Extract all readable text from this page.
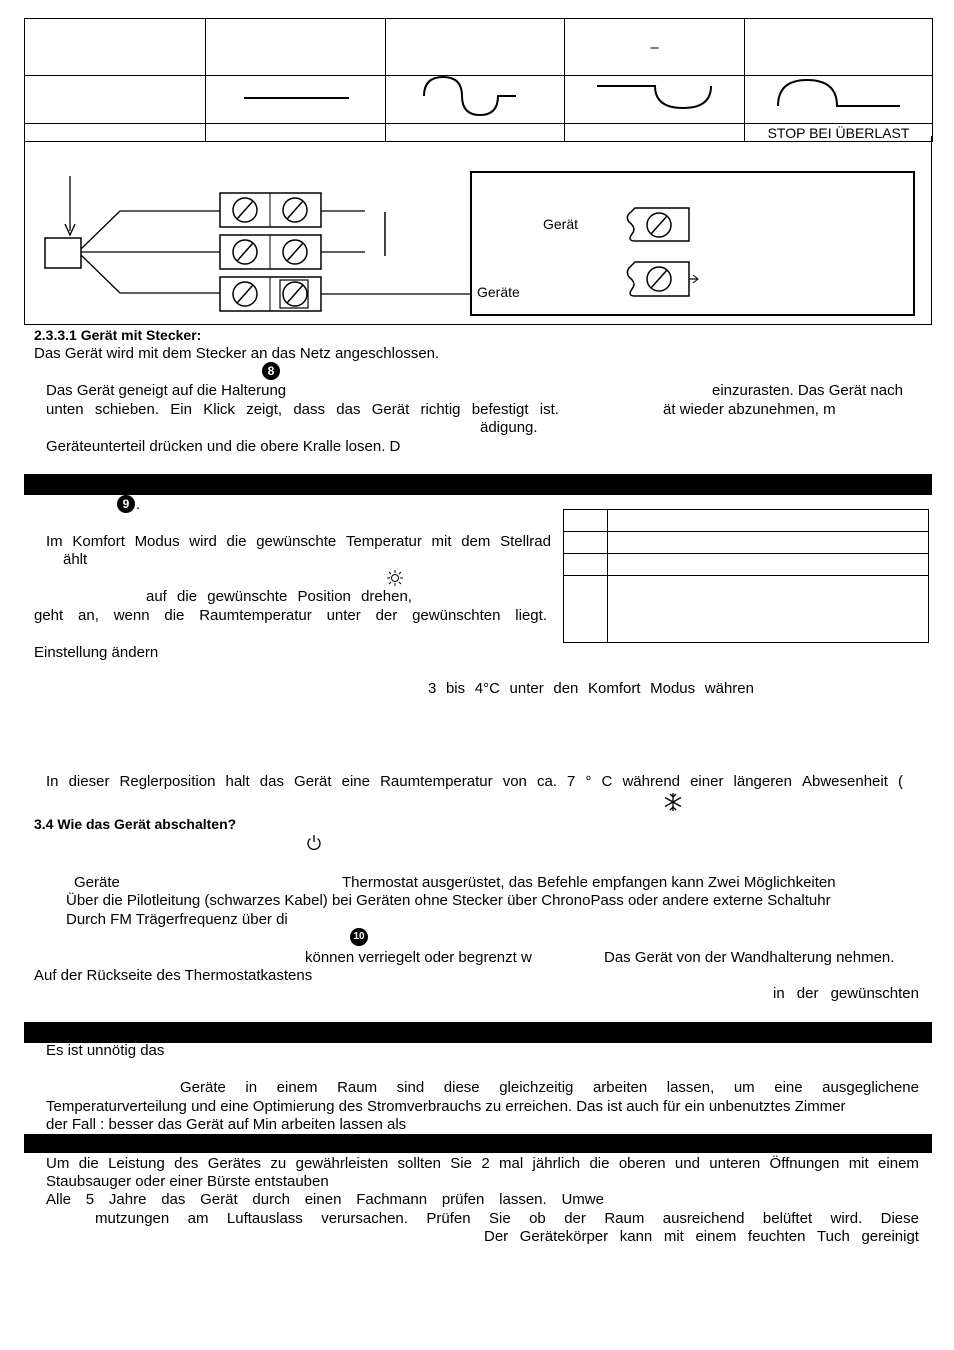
			–	

				STOP BEI ÜBERLAST
Gerät
Geräte
2.3.3.1 Gerät mit Stecker:
Das Gerät wird mit dem Stecker an das Netz angeschlossen.
8
Das Gerät geneigt auf die Halterung	einzurasten. Das Gerät nach
unten schieben. Ein Klick zeigt, dass das Gerät richtig befestigt ist.	ät wieder abzunehmen, m
ädigung.
Geräteunterteil drücken und die obere Kralle losen. D
9 .

Im Komfort Modus wird die gewünschte Temperatur mit dem Stellrad
ählt
auf die gewünschte Position drehen,
geht an, wenn die Raumtemperatur unter der gewünschten liegt.
Einstellung ändern
3 bis 4°C unter den Komfort Modus währen
In dieser Reglerposition halt das Gerät eine Raumtemperatur von ca. 7 ° C während einer längeren Abwesenheit (
3.4 Wie das Gerät abschalten?
Geräte	Thermostat ausgerüstet, das Befehle empfangen kann Zwei Möglichkeiten
Über die Pilotleitung (schwarzes Kabel) bei Geräten ohne Stecker über ChronoPass oder andere externe Schaltuhr
Durch FM Trägerfrequenz über di
10
können verriegelt oder begrenzt w	Das Gerät von der Wandhalterung nehmen.
Auf der Rückseite des Thermostatkastens
in der gewünschten
Es ist unnötig das
Geräte in einem Raum sind diese gleichzeitig arbeiten lassen, um eine ausgeglichene
Temperaturverteilung und eine Optimierung des Stromverbrauchs zu erreichen. Das ist auch für ein unbenutztes Zimmer
der Fall : besser das Gerät auf Min arbeiten lassen als
Um die Leistung des Gerätes zu gewährleisten sollten Sie 2 mal jährlich die oberen und unteren Öffnungen mit einem
Staubsauger oder einer Bürste entstauben
Alle 5 Jahre das Gerät durch einen Fachmann prüfen lassen. Umwe
mutzungen am Luftauslass verursachen. Prüfen Sie ob der Raum ausreichend belüftet wird. Diese
Der Gerätekörper kann mit einem feuchten Tuch gereinigt
